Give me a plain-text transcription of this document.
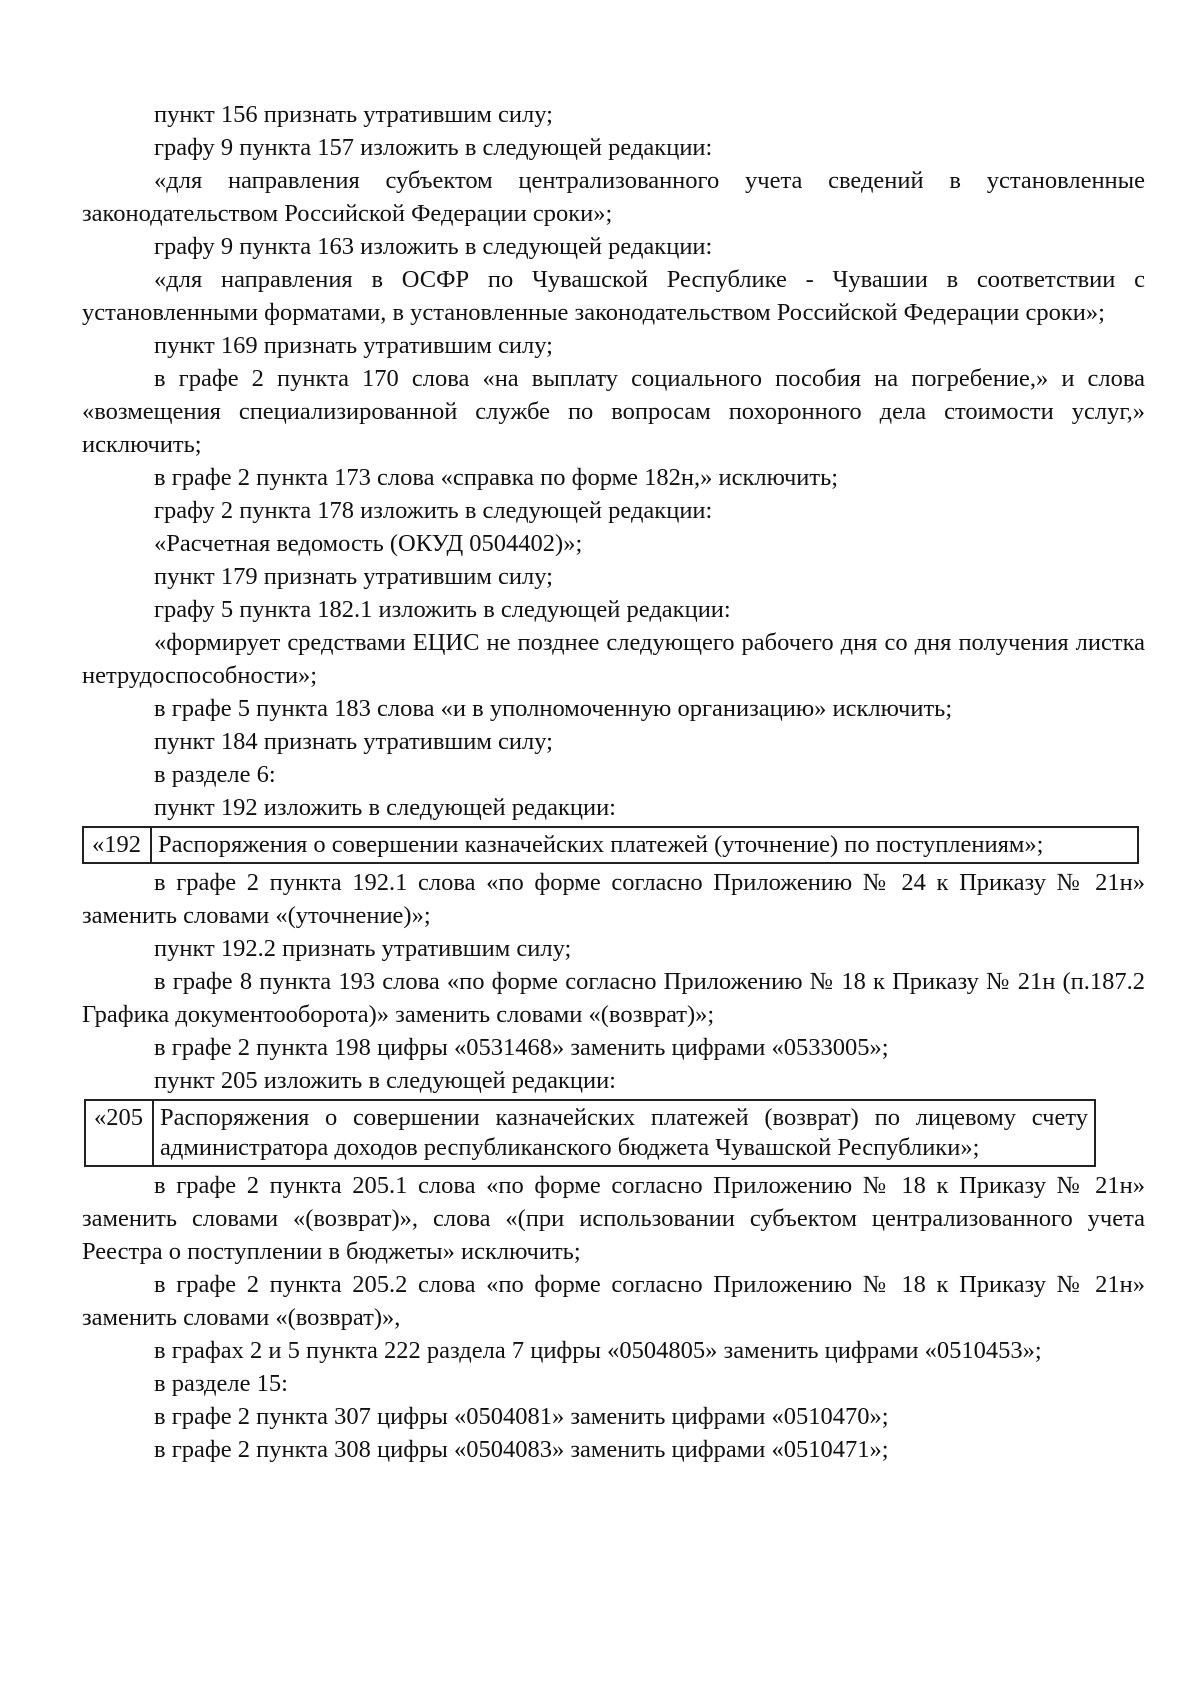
пункт 156 признать утратившим силу;

графу 9 пункта 157 изложить в следующей редакции:

«для направления субъектом централизованного учета сведений в установленные законодательством Российской Федерации сроки»;

графу 9 пункта 163 изложить в следующей редакции:

«для направления в ОСФР по Чувашской Республике - Чувашии в соответствии с установленными форматами, в установленные законодательством Российской Федерации сроки»;

пункт 169 признать утратившим силу;

в графе 2 пункта 170 слова «на выплату социального пособия на погребение,» и слова «возмещения специализированной службе по вопросам похоронного дела стоимости услуг,» исключить;

в графе 2 пункта 173 слова «справка по форме 182н,» исключить;

графу 2 пункта 178 изложить в следующей редакции:

«Расчетная ведомость (ОКУД 0504402)»;

пункт 179 признать утратившим силу;

графу 5 пункта 182.1 изложить в следующей редакции:

«формирует средствами ЕЦИС не позднее следующего рабочего дня со дня получения листка нетрудоспособности»;

в графе 5 пункта 183 слова «и в уполномоченную организацию» исключить;

пункт 184 признать утратившим силу;

в разделе 6:

пункт 192 изложить в следующей редакции:

«192	Распоряжения о совершении казначейских платежей (уточнение) по поступлениям»;

в графе 2 пункта 192.1 слова «по форме согласно Приложению № 24 к Приказу № 21н» заменить словами «(уточнение)»;

пункт 192.2 признать утратившим силу;

в графе 8 пункта 193 слова «по форме согласно Приложению № 18 к Приказу № 21н (п.187.2 Графика документооборота)» заменить словами «(возврат)»;

в графе 2 пункта 198 цифры «0531468» заменить цифрами «0533005»;

пункт 205 изложить в следующей редакции:

«205	Распоряжения о совершении казначейских платежей (возврат) по лицевому счету администратора доходов республиканского бюджета Чувашской Республики»;

в графе 2 пункта 205.1 слова «по форме согласно Приложению № 18 к Приказу № 21н» заменить словами «(возврат)», слова «(при использовании субъектом централизованного учета Реестра о поступлении в бюджеты» исключить;

в графе 2 пункта 205.2 слова «по форме согласно Приложению № 18 к Приказу № 21н» заменить словами «(возврат)»,

в графах 2 и 5 пункта 222 раздела 7 цифры «0504805» заменить цифрами «0510453»;

в разделе 15:

в графе 2 пункта 307 цифры «0504081» заменить цифрами «0510470»;

в графе 2 пункта 308 цифры «0504083» заменить цифрами «0510471»;
